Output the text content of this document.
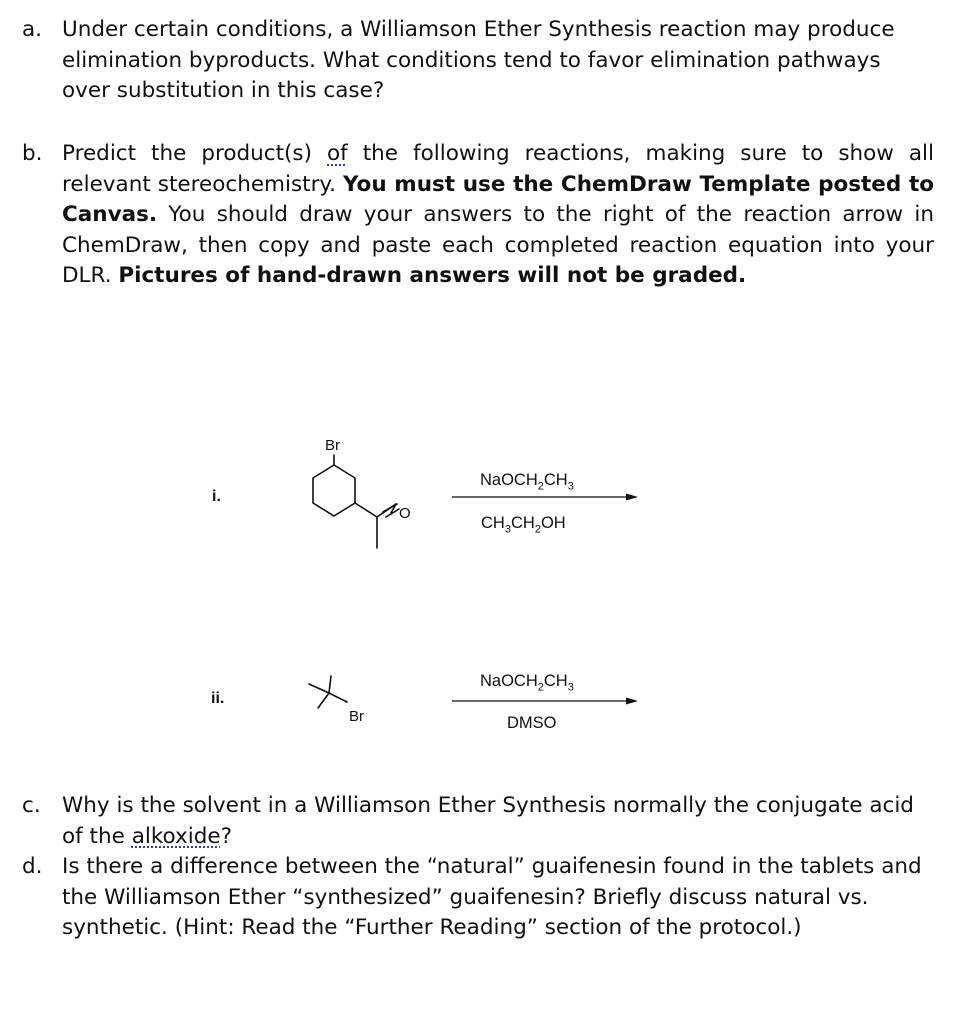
a. Under certain conditions, a Williamson Ether Synthesis reaction may produce elimination byproducts. What conditions tend to favor elimination pathways over substitution in this case?
b. Predict the product(s) of the following reactions, making sure to show all relevant stereochemistry. You must use the ChemDraw Template posted to Canvas. You should draw your answers to the right of the reaction arrow in ChemDraw, then copy and paste each completed reaction equation into your DLR. Pictures of hand-drawn answers will not be graded.
i.
Br
O
Br
$NaOCH_2CH_3$
$CH_3CH_2OH$
ii.
$NaOCH_2CH_3$
DMSO
c. Why is the solvent in a Williamson Ether Synthesis normally the conjugate acid of the alkoxide?
d. Is there a difference between the “natural” guaifenesin found in the tablets and the Williamson Ether “synthesized” guaifenesin? Briefly discuss natural vs. synthetic. (Hint: Read the “Further Reading” section of the protocol.)
